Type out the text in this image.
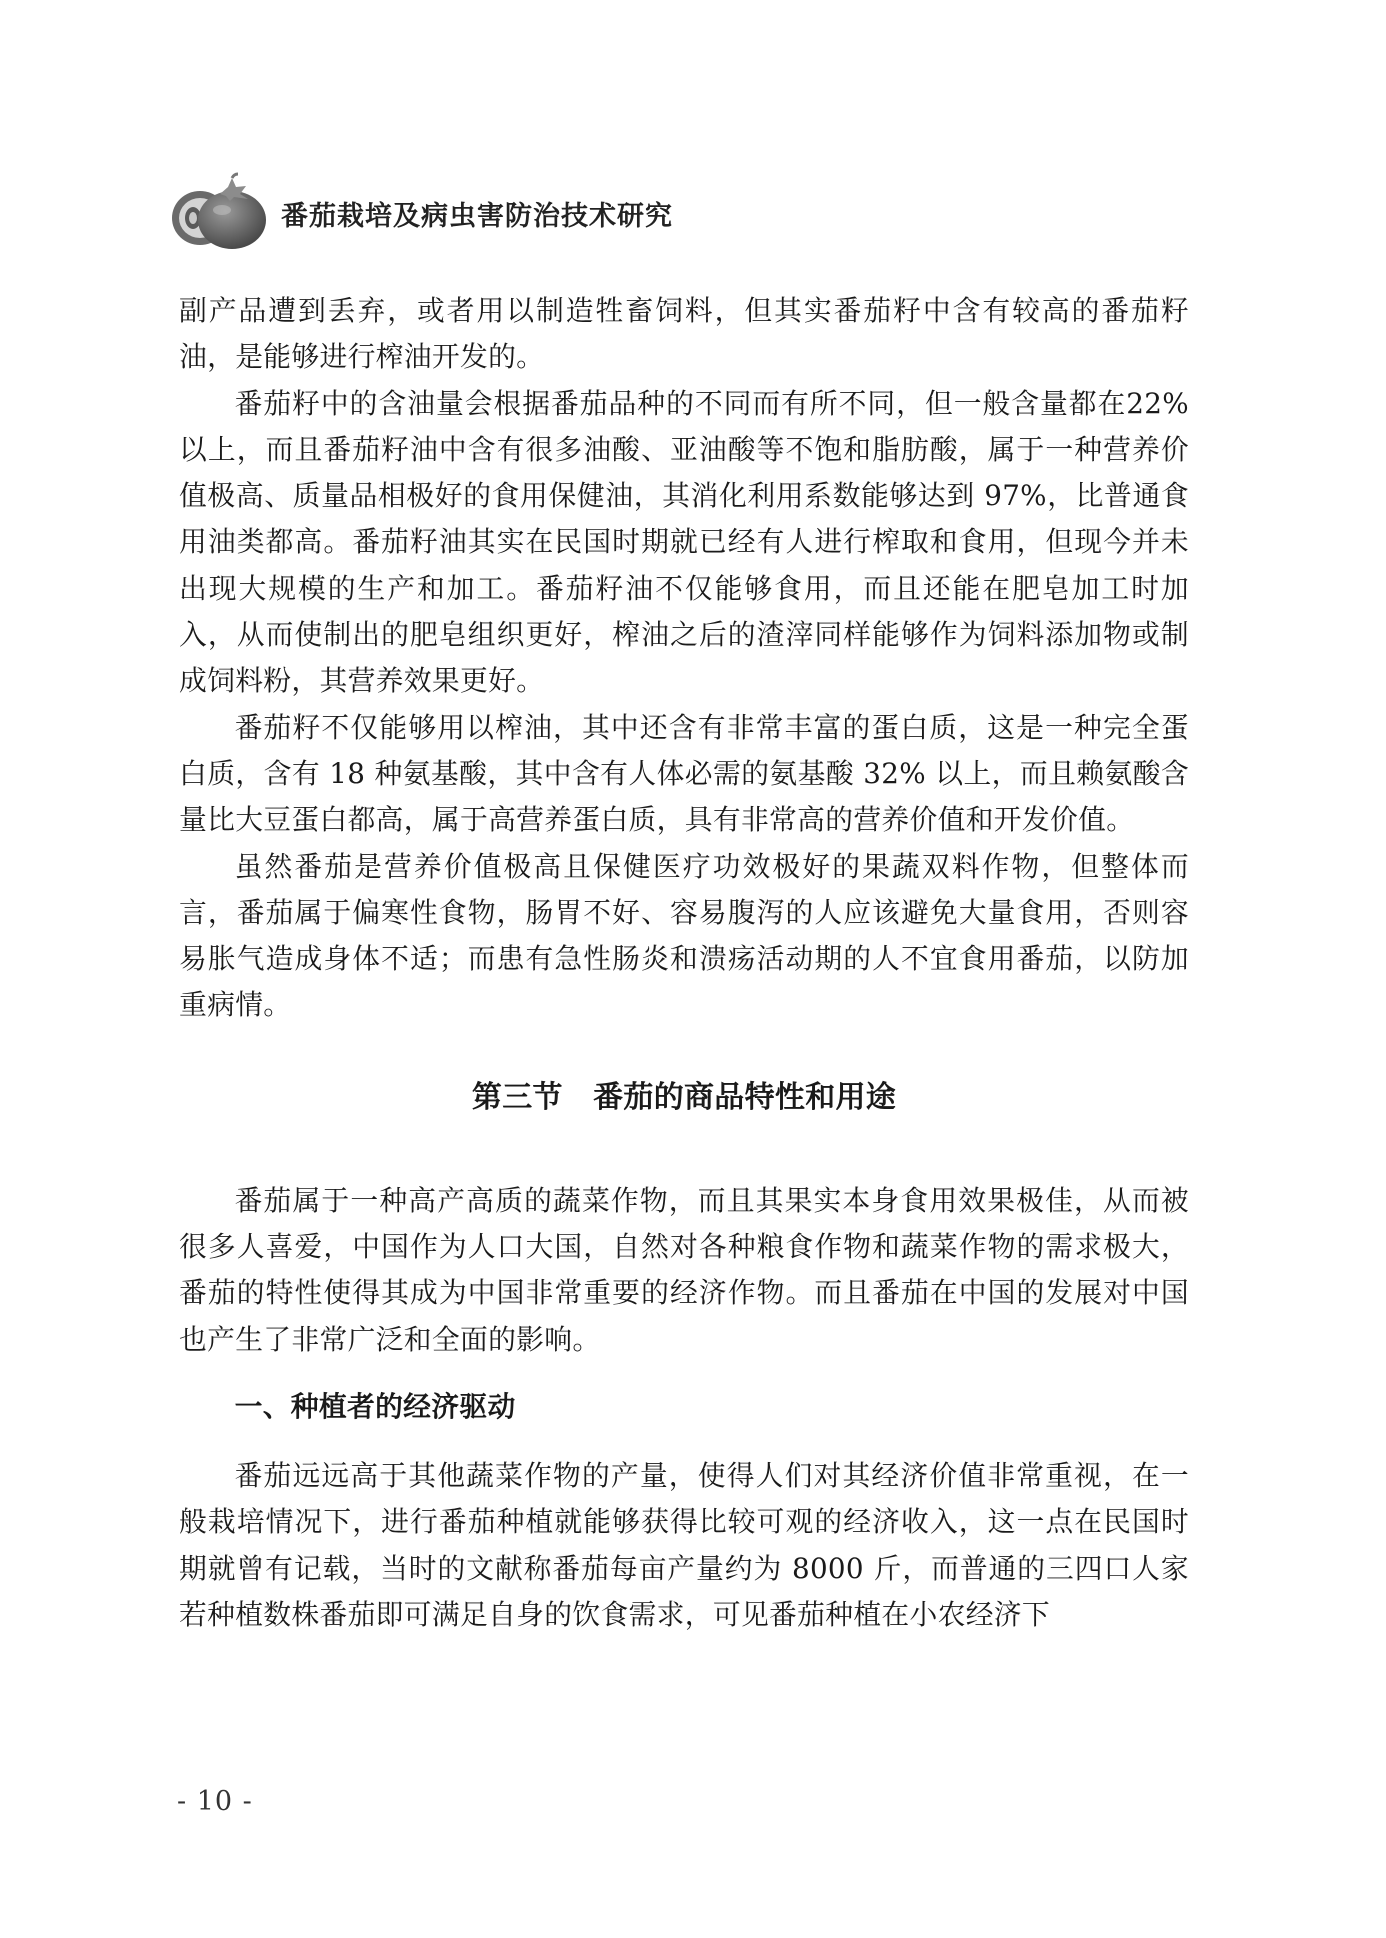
番茄栽培及病虫害防治技术研究

副产品遭到丢弃，或者用以制造牲畜饲料，但其实番茄籽中含有较高的番茄籽油，是能够进行榨油开发的。

番茄籽中的含油量会根据番茄品种的不同而有所不同，但一般含量都在22% 以上，而且番茄籽油中含有很多油酸、亚油酸等不饱和脂肪酸，属于一种营养价值极高、质量品相极好的食用保健油，其消化利用系数能够达到 97%，比普通食用油类都高。番茄籽油其实在民国时期就已经有人进行榨取和食用，但现今并未出现大规模的生产和加工。番茄籽油不仅能够食用，而且还能在肥皂加工时加入，从而使制出的肥皂组织更好，榨油之后的渣滓同样能够作为饲料添加物或制成饲料粉，其营养效果更好。

番茄籽不仅能够用以榨油，其中还含有非常丰富的蛋白质，这是一种完全蛋白质，含有 18 种氨基酸，其中含有人体必需的氨基酸 32% 以上，而且赖氨酸含量比大豆蛋白都高，属于高营养蛋白质，具有非常高的营养价值和开发价值。

虽然番茄是营养价值极高且保健医疗功效极好的果蔬双料作物，但整体而言，番茄属于偏寒性食物，肠胃不好、容易腹泻的人应该避免大量食用，否则容易胀气造成身体不适；而患有急性肠炎和溃疡活动期的人不宜食用番茄，以防加重病情。

第三节　番茄的商品特性和用途

番茄属于一种高产高质的蔬菜作物，而且其果实本身食用效果极佳，从而被很多人喜爱，中国作为人口大国，自然对各种粮食作物和蔬菜作物的需求极大，番茄的特性使得其成为中国非常重要的经济作物。而且番茄在中国的发展对中国也产生了非常广泛和全面的影响。

一、种植者的经济驱动

番茄远远高于其他蔬菜作物的产量，使得人们对其经济价值非常重视，在一般栽培情况下，进行番茄种植就能够获得比较可观的经济收入，这一点在民国时期就曾有记载，当时的文献称番茄每亩产量约为 8000 斤，而普通的三四口人家若种植数株番茄即可满足自身的饮食需求，可见番茄种植在小农经济下

- 10 -
